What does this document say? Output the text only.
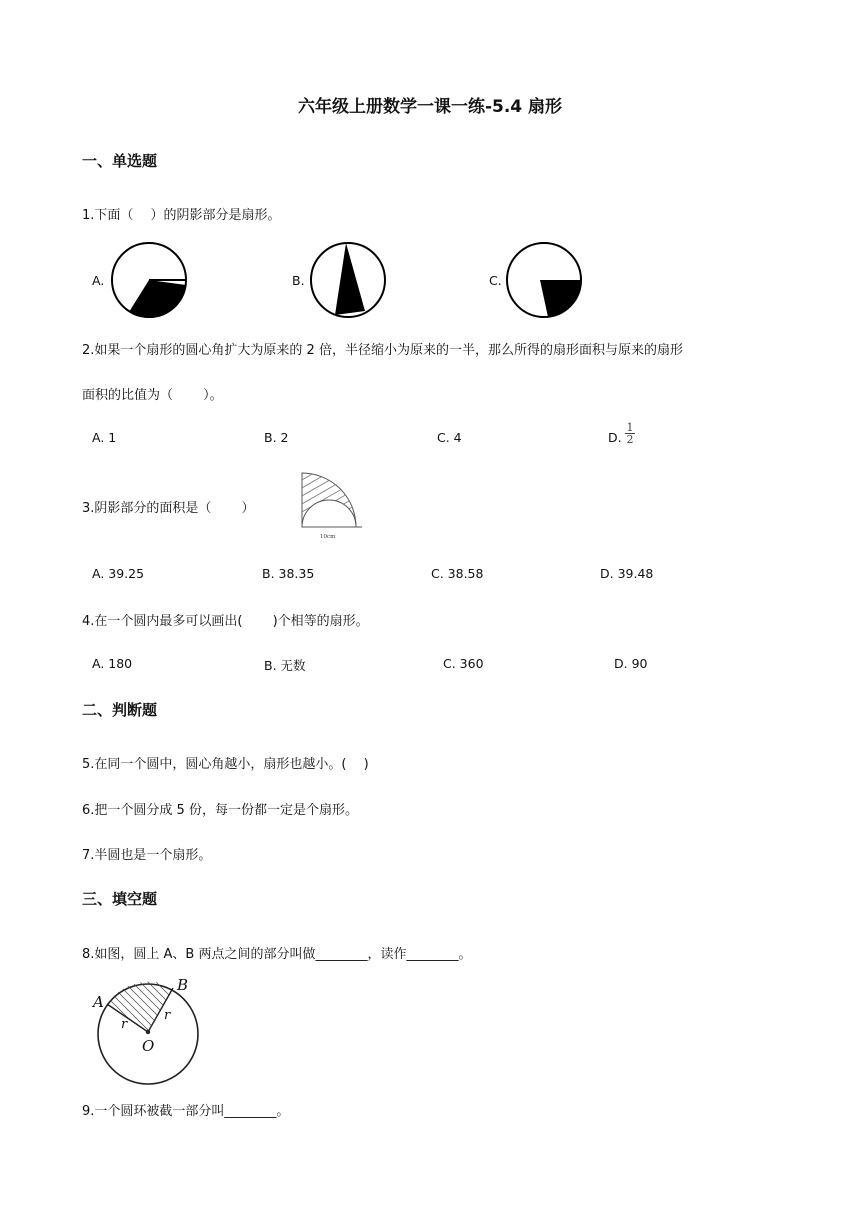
六年级上册数学一课一练-5.4 扇形
一、单选题
1.下面（　 ）的阴影部分是扇形。
A.	B.	C.
2.如果一个扇形的圆心角扩大为原来的 2 倍，半径缩小为原来的一半，那么所得的扇形面积与原来的扇形
面积的比值为（　　 ）。
A. 1	B. 2	C. 4	D.
1
2
3.阴影部分的面积是（　　 ）
10cm
A. 39.25	B. 38.35	C. 38.58	D. 39.48
4.在一个圆内最多可以画出(　　 )个相等的扇形。
A. 180	B. 无数	C. 360	D. 90
二、判断题
5.在同一个圆中，圆心角越小，扇形也越小。(　 )
6.把一个圆分成 5 份，每一份都一定是个扇形。
7.半圆也是一个扇形。
三、填空题
8.如图，圆上 A、B 两点之间的部分叫做________，读作________。
A
B
O
r
r
9.一个圆环被截一部分叫________。
